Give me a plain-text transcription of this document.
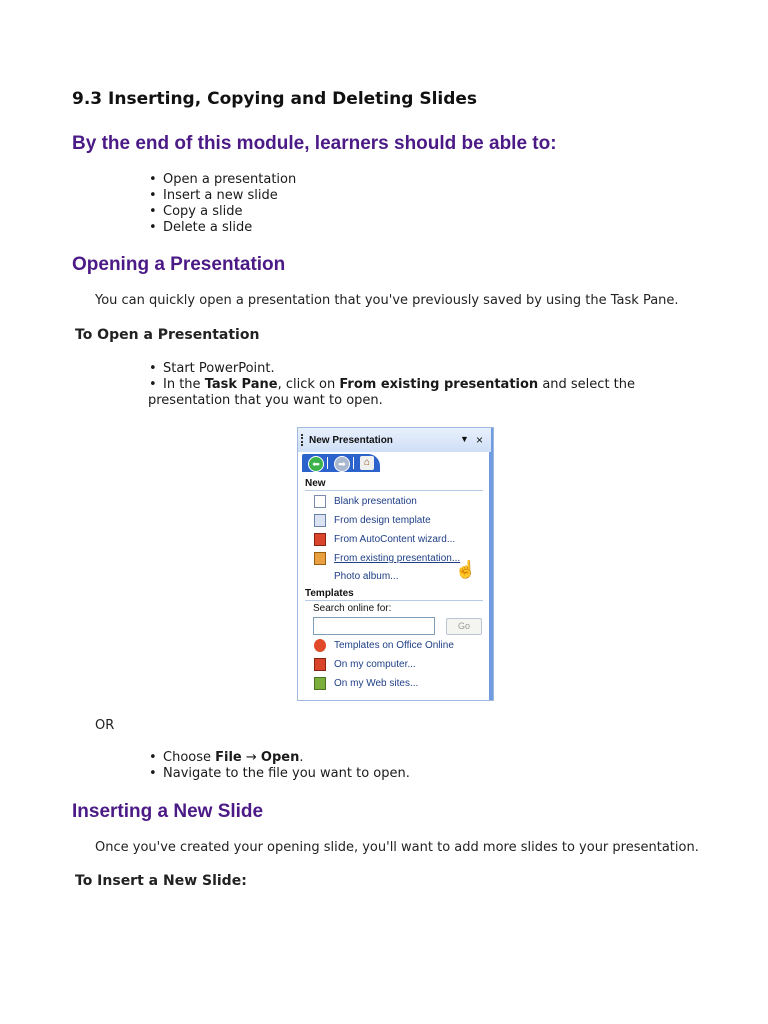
9.3 Inserting, Copying and Deleting Slides
By the end of this module, learners should be able to:
• Open a presentation
• Insert a new slide
• Copy a slide
• Delete a slide
Opening a Presentation
You can quickly open a presentation that you've previously saved by using the Task Pane.
To Open a Presentation
• Start PowerPoint.
• In the Task Pane, click on From existing presentation and select the presentation that you want to open.
New Presentation	▼ ×
⬅	➡	⌂
New
Blank presentation
From design template
From AutoContent wizard...
From existing presentation...
Photo album...	☝
Templates
Search online for:
Go
Templates on Office Online
On my computer...
On my Web sites...
OR
• Choose File → Open.
• Navigate to the file you want to open.
Inserting a New Slide
Once you've created your opening slide, you'll want to add more slides to your presentation.
To Insert a New Slide:
